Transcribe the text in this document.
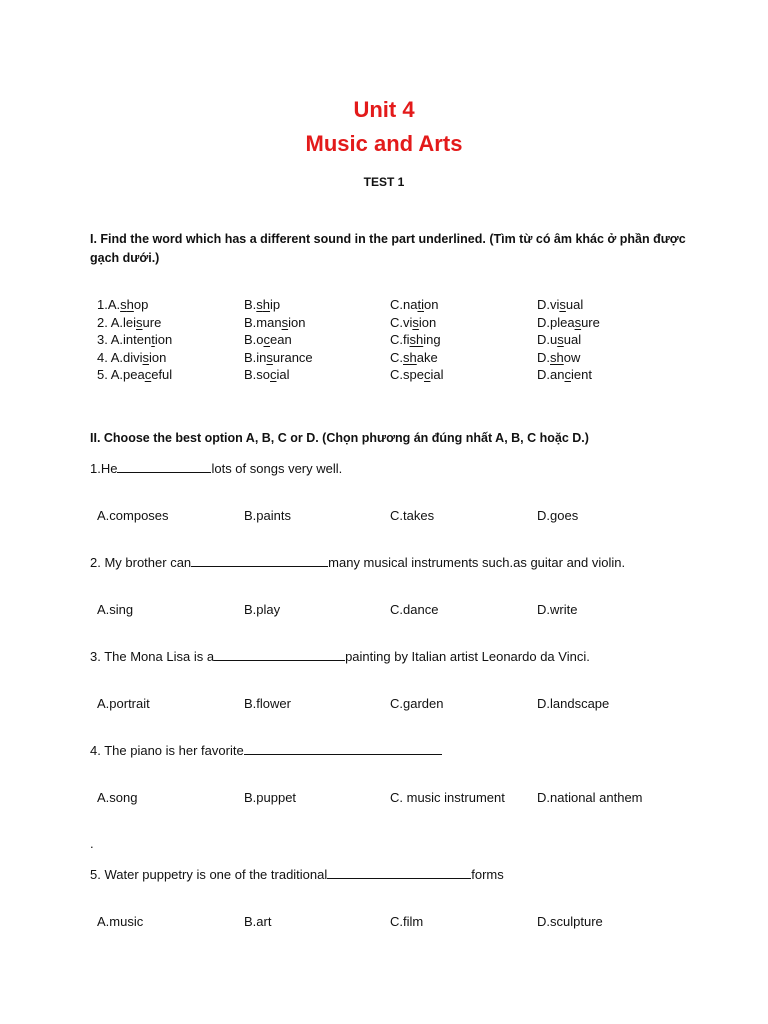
Unit 4
Music and Arts
TEST 1
I. Find the word which has a different sound in the part underlined. (Tìm từ có âm khác ở phần được gạch dưới.)
1.A.shop	B.ship	C.nation	D.visual
2. A.leisure	B.mansion	C.vision	D.pleasure
3. A.intention	B.ocean	C.fishing	D.usual
4. A.division	B.insurance	C.shake	D.show
5. A.peaceful	B.social	C.special	D.ancient
II. Choose the best option A, B, C or D. (Chọn phương án đúng nhất A, B, C hoặc D.)
1.He	lots of songs very well.
A.composes	B.paints	C.takes	D.goes
2. My brother can	many musical instruments such.as guitar and violin.
A.sing	B.play	C.dance	D.write
3. The Mona Lisa is a	painting by Italian artist Leonardo da Vinci.
A.portrait	B.flower	C.garden	D.landscape
4. The piano is her favorite
A.song	B.puppet	C. music instrument D.national anthem
5. Water puppetry is one of the traditional	forms
A.music	B.art	C.film	D.sculpture
.
